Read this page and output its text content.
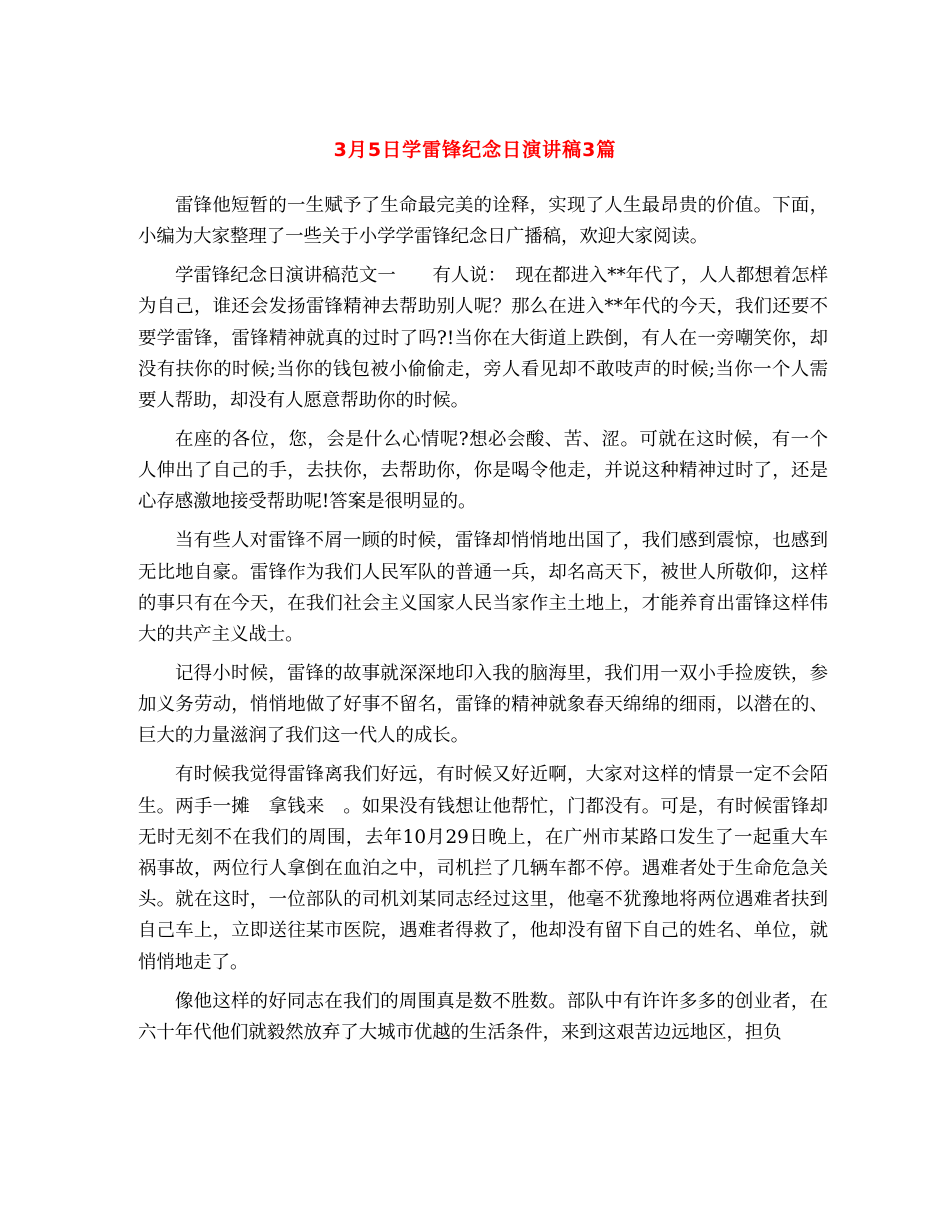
3月5日学雷锋纪念日演讲稿3篇

雷锋他短暂的一生赋予了生命最完美的诠释，实现了人生最昂贵的价值。下面，小编为大家整理了一些关于小学学雷锋纪念日广播稿，欢迎大家阅读。

学雷锋纪念日演讲稿范文一　　有人说：　现在都进入**年代了，人人都想着怎样为自己，谁还会发扬雷锋精神去帮助别人呢？那么在进入**年代的今天，我们还要不要学雷锋，雷锋精神就真的过时了吗?!当你在大街道上跌倒，有人在一旁嘲笑你，却没有扶你的时候;当你的钱包被小偷偷走，旁人看见却不敢吱声的时候;当你一个人需要人帮助，却没有人愿意帮助你的时候。

在座的各位，您，会是什么心情呢?想必会酸、苦、涩。可就在这时候，有一个人伸出了自己的手，去扶你，去帮助你，你是喝令他走，并说这种精神过时了，还是心存感激地接受帮助呢!答案是很明显的。

当有些人对雷锋不屑一顾的时候，雷锋却悄悄地出国了，我们感到震惊，也感到无比地自豪。雷锋作为我们人民军队的普通一兵，却名高天下，被世人所敬仰，这样的事只有在今天，在我们社会主义国家人民当家作主土地上，才能养育出雷锋这样伟大的共产主义战士。

记得小时候，雷锋的故事就深深地印入我的脑海里，我们用一双小手捡废铁，参加义务劳动，悄悄地做了好事不留名，雷锋的精神就象春天绵绵的细雨，以潜在的、巨大的力量滋润了我们这一代人的成长。

有时候我觉得雷锋离我们好远，有时候又好近啊，大家对这样的情景一定不会陌生。两手一摊　拿钱来　。如果没有钱想让他帮忙，门都没有。可是，有时候雷锋却无时无刻不在我们的周围，去年10月29日晚上，在广州市某路口发生了一起重大车祸事故，两位行人拿倒在血泊之中，司机拦了几辆车都不停。遇难者处于生命危急关头。就在这时，一位部队的司机刘某同志经过这里，他毫不犹豫地将两位遇难者扶到自己车上，立即送往某市医院，遇难者得救了，他却没有留下自己的姓名、单位，就悄悄地走了。

像他这样的好同志在我们的周围真是数不胜数。部队中有许许多多的创业者，在六十年代他们就毅然放弃了大城市优越的生活条件，来到这艰苦边远地区，担负
